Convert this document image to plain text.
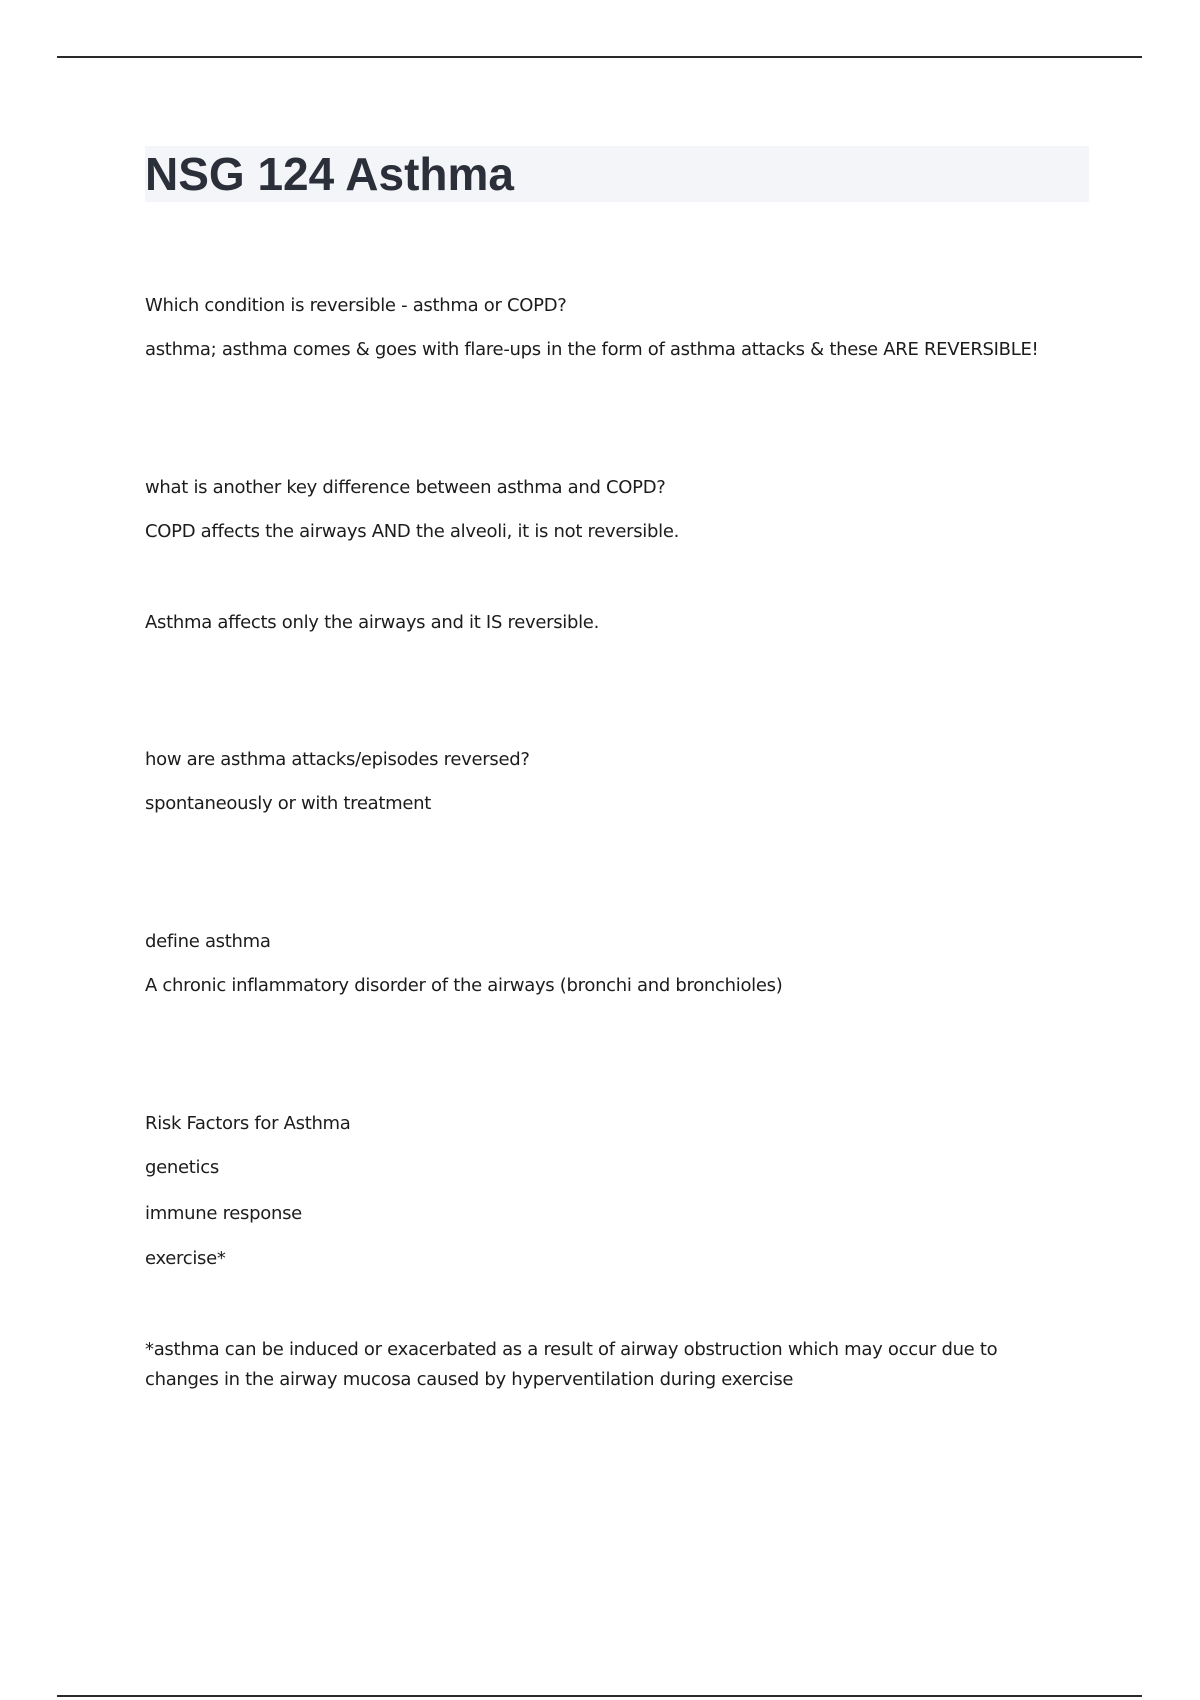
NSG 124 Asthma

Which condition is reversible - asthma or COPD?

asthma; asthma comes & goes with flare-ups in the form of asthma attacks & these ARE REVERSIBLE!

what is another key difference between asthma and COPD?

COPD affects the airways AND the alveoli, it is not reversible.

Asthma affects only the airways and it IS reversible.

how are asthma attacks/episodes reversed?

spontaneously or with treatment

define asthma

A chronic inflammatory disorder of the airways (bronchi and bronchioles)

Risk Factors for Asthma

genetics

immune response

exercise*

*asthma can be induced or exacerbated as a result of airway obstruction which may occur due to changes in the airway mucosa caused by hyperventilation during exercise
